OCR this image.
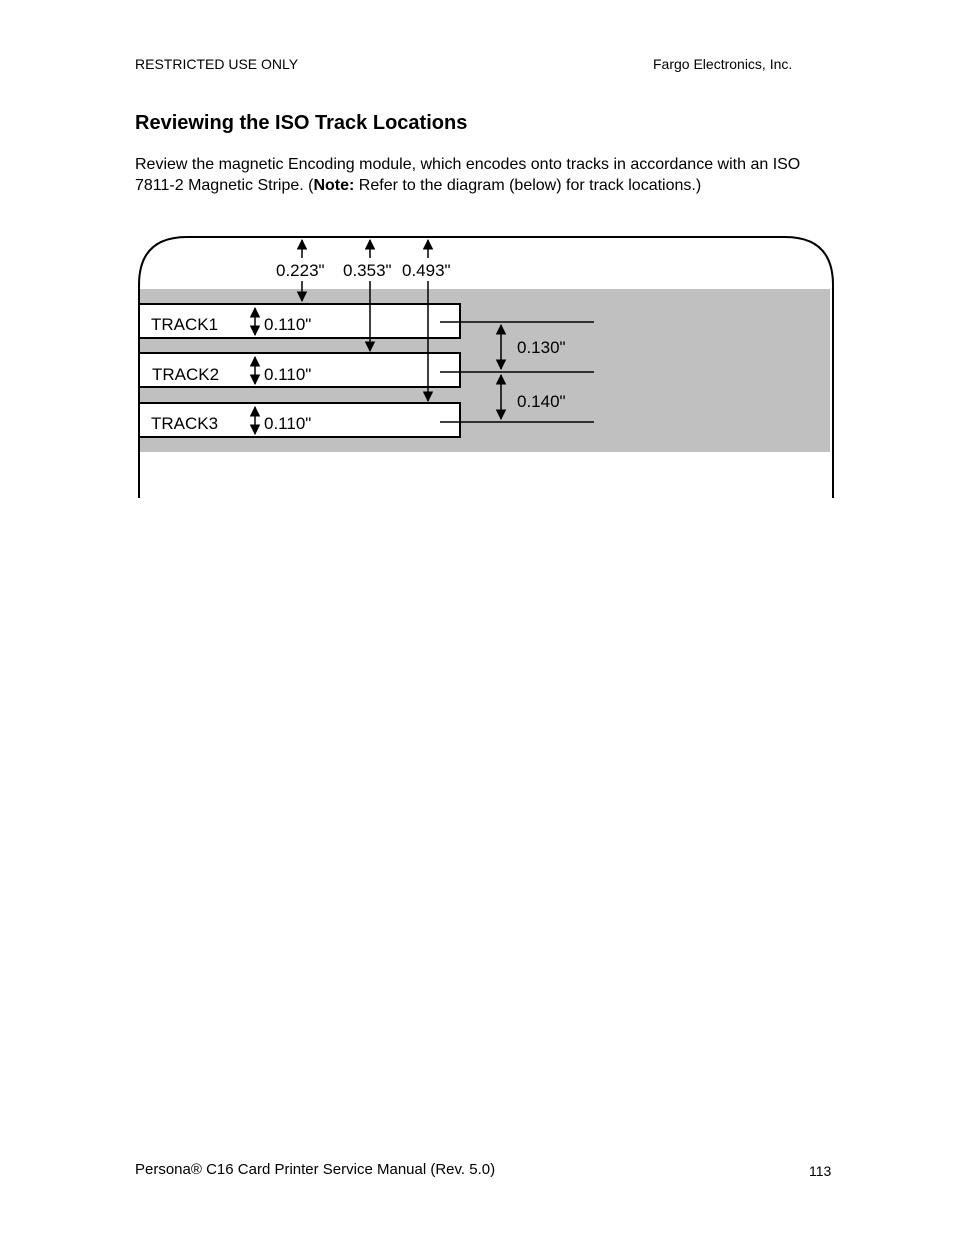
RESTRICTED USE ONLY	Fargo Electronics, Inc.
Reviewing the ISO Track Locations

Review the magnetic Encoding module, which encodes onto tracks in accordance with an ISO 7811-2 Magnetic Stripe. (Note: Refer to the diagram (below) for track locations.)

TRACK1
TRACK2
TRACK3
0.110"
0.110"
0.110"
0.223" 0.353" 0.493"
0.130"
0.140"
Persona® C16 Card Printer Service Manual (Rev. 5.0)	113
